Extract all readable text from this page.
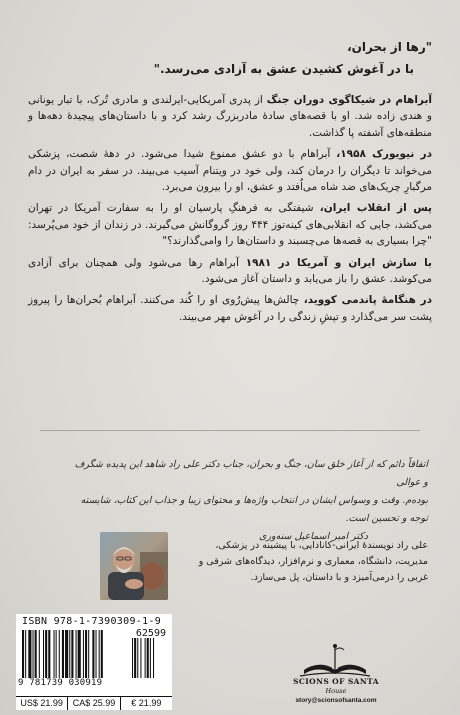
"رها از بحران،
با در آغوش کشیدن عشق به آزادی می‌رسد."

آبراهام در شیکاگوی دوران جنگ از پدری آمریکایی-ایرلندی و مادری تُرک، با تبار یونانی و هندی زاده شد. او با قصه‌های سادهٔ مادربزرگ رشد کرد و با داستان‌های پیچیدهٔ دهه‌ها و منطقه‌های آشفته پا گذاشت.

در نیویورک ۱۹۵۸، آبراهام با دو عشق ممنوع شیدا می‌شود. در دههٔ شصت، پزشکی می‌خواند تا دیگران را درمان کند، ولی خود در ویتنام آسیب می‌بیند. در سفر به ایران در دام مرگبارِ چریک‌های ضد شاه می‌اُفتد و عشق، او را بیرون می‌برد.

پس از انقلاب ایران، شیفتگی به فرهنگِ پارسیان او را به سفارت آمریکا در تهران می‌کشد، جایی که انقلابی‌های کینه‌توز ۴۴۴ روز گروگانش می‌گیرند. در زندان از خود می‌پُرسد: "چرا بسیاری به قصه‌ها می‌چسبند و داستان‌ها را وامی‌گذارند؟"

با سازش ایران و آمریکا در ۱۹۸۱ آبراهام رها می‌شود ولی همچنان برای آزادی می‌کوشد. عشق را باز می‌یابد و داستان آغاز می‌شود.

در هنگامهٔ پاندمی کووید، چالش‌ها پیش‌رُوی او را کُند می‌کنند. آبراهام بُحران‌ها را پیروز پشت سر می‌گذارد و تپشِ زندگی را در آغوش مهر می‌بیند.

اتفاقاً دائم که از آغاز خلق سان، جنگ و بحران، جناب دکتر علی راد شاهد این پدیده شگرف و عوالی
بوده‌م. وقت و وسواس ایشان در انتخاب واژه‌ها و محتوای زیبا و جذاب این کتاب، شایسته توجه و تحسین است.
دکتر امیر اسماعیل سنه‌وری
علی راد نویسندهٔ ایرانی-کانادایی، با پیشینه در پزشکی، مدیریت، دانشگاه، معماری و نرم‌افزار، دیدگاه‌های شرقی و غربی را درمی‌آمیزد و با داستان، پل می‌سازد.
ISBN 978-1-7390309-1-9
9 781739 030919
62599
US$ 21.99	CA$ 25.99	€ 21.99
SCIONS OF SANTA
House
story@scionsofsanta.com
